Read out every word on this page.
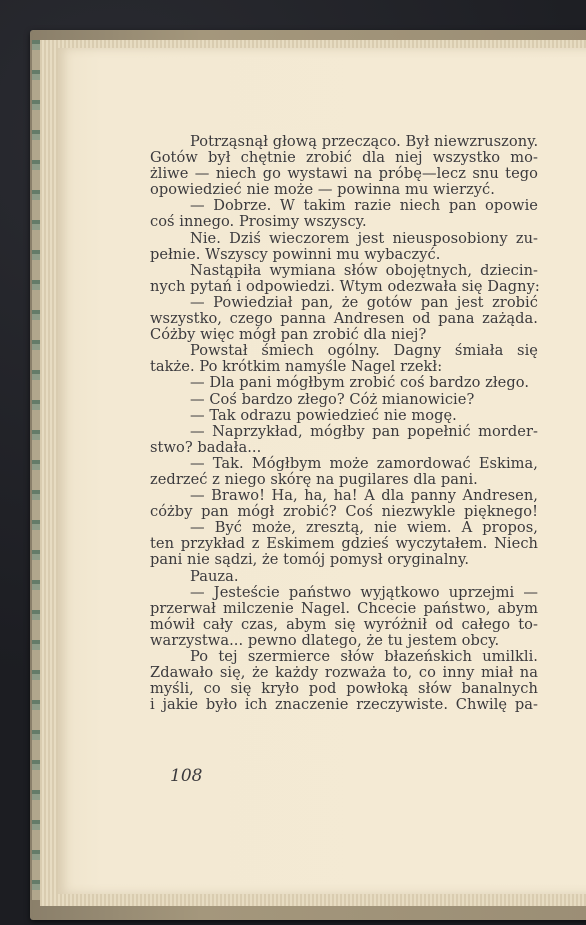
Potrząsnął głową przecząco. Był niewzruszony.
Gotów był chętnie zrobić dla niej wszystko mo-
żliwe — niech go wystawi na próbę—lecz snu tego
opowiedzieć nie może — powinna mu wierzyć.
— Dobrze. W takim razie niech pan opowie
coś innego. Prosimy wszyscy.
Nie. Dziś wieczorem jest nieusposobiony zu-
pełnie. Wszyscy powinni mu wybaczyć.
Nastąpiła wymiana słów obojętnych, dziecin-
nych pytań i odpowiedzi. Wtym odezwała się Dagny:
— Powiedział pan, że gotów pan jest zrobić
wszystko, czego panna Andresen od pana zażąda.
Cóżby więc mógł pan zrobić dla niej?
Powstał śmiech ogólny. Dagny śmiała się
także. Po krótkim namyśle Nagel rzekł:
— Dla pani mógłbym zrobić coś bardzo złego.
— Coś bardzo złego? Cóż mianowicie?
— Tak odrazu powiedzieć nie mogę.
— Naprzykład, mógłby pan popełnić morder-
stwo? badała...
— Tak. Mógłbym może zamordować Eskima,
zedrzeć z niego skórę na pugilares dla pani.
— Brawo! Ha, ha, ha! A dla panny Andresen,
cóżby pan mógł zrobić? Coś niezwykle pięknego!
— Być może, zresztą, nie wiem. A propos,
ten przykład z Eskimem gdzieś wyczytałem. Niech
pani nie sądzi, że tomój pomysł oryginalny.
Pauza.
— Jesteście państwo wyjątkowo uprzejmi —
przerwał milczenie Nagel. Chcecie państwo, abym
mówił cały czas, abym się wyróżnił od całego to-
warzystwa... pewno dlatego, że tu jestem obcy.
Po tej szermierce słów błazeńskich umilkli.
Zdawało się, że każdy rozważa to, co inny miał na
myśli, co się kryło pod powłoką słów banalnych
i jakie było ich znaczenie rzeczywiste. Chwilę pa-
108
